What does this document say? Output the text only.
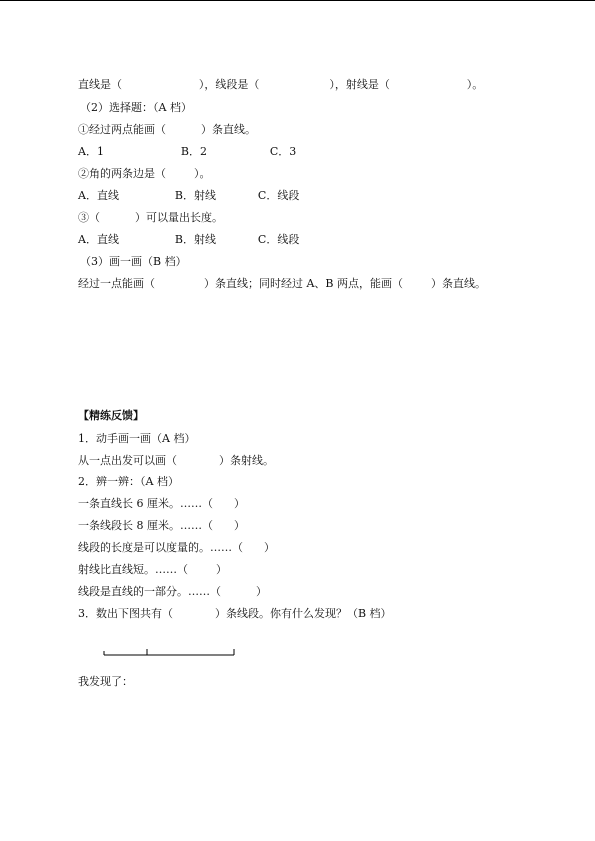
直线是（                      ），线段是（                    ），射线是（                      ）。
（2）选择题：（A 档）
①经过两点能画（          ）条直线。
A．1                      B．2                  C．3
②角的两条边是（        ）。
A．直线                B．射线            C．线段
③（          ）可以量出长度。
A．直线                B．射线            C．线段
（3）画一画（B 档）
经过一点能画（              ）条直线；同时经过 A、B 两点，能画（        ）条直线。
【精练反馈】
1．动手画一画（A 档）
从一点出发可以画（            ）条射线。
2．辨一辨：（A 档）
一条直线长 6 厘米。……（      ）
一条线段长 8 厘米。……（      ）
线段的长度是可以度量的。……（      ）
射线比直线短。……（        ）
线段是直线的一部分。……（          ）
3．数出下图共有（            ）条线段。你有什么发现？（B 档）
我发现了：
